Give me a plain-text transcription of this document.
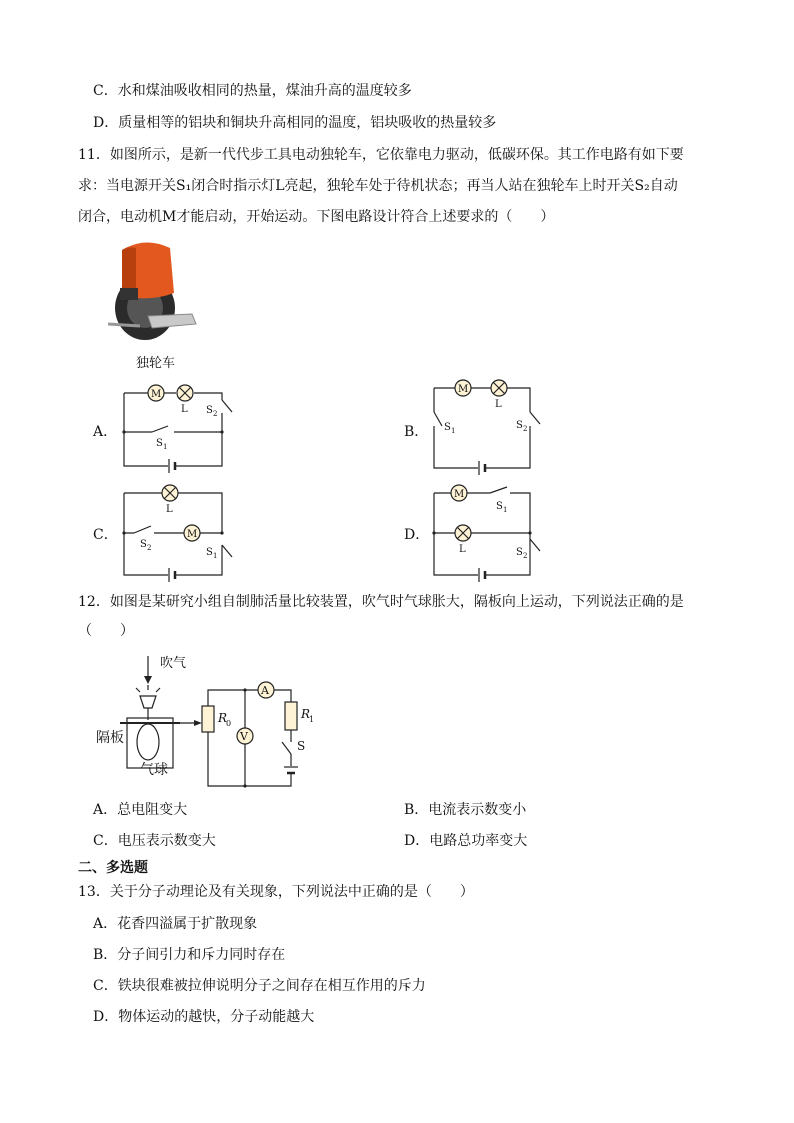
C．水和煤油吸收相同的热量，煤油升高的温度较多
D．质量相等的铝块和铜块升高相同的温度，铝块吸收的热量较多
11．如图所示，是新一代代步工具电动独轮车，它依靠电力驱动，低碳环保。其工作电路有如下要
求：当电源开关S₁闭合时指示灯L亮起，独轮车处于待机状态；再当人站在独轮车上时开关S₂自动
闭合，电动机M才能启动，开始运动。下图电路设计符合上述要求的（　　）
独轮车
A．	B．
C．	D．
M
L S 2
S 1
M
L
S 1	S 2
L
S 2
M
S 1
M
S 1
L	S 2
12．如图是某研究小组自制肺活量比较装置，吹气时气球胀大，隔板向上运动，下列说法正确的是
（　　）
吹气
隔板
气球
R
0
A
V
R
1
S
A．总电阻变大	B．电流表示数变小
C．电压表示数变大	D．电路总功率变大
二、多选题
13．关于分子动理论及有关现象，下列说法中正确的是（　　）
A．花香四溢属于扩散现象
B．分子间引力和斥力同时存在
C．铁块很难被拉伸说明分子之间存在相互作用的斥力
D．物体运动的越快，分子动能越大
